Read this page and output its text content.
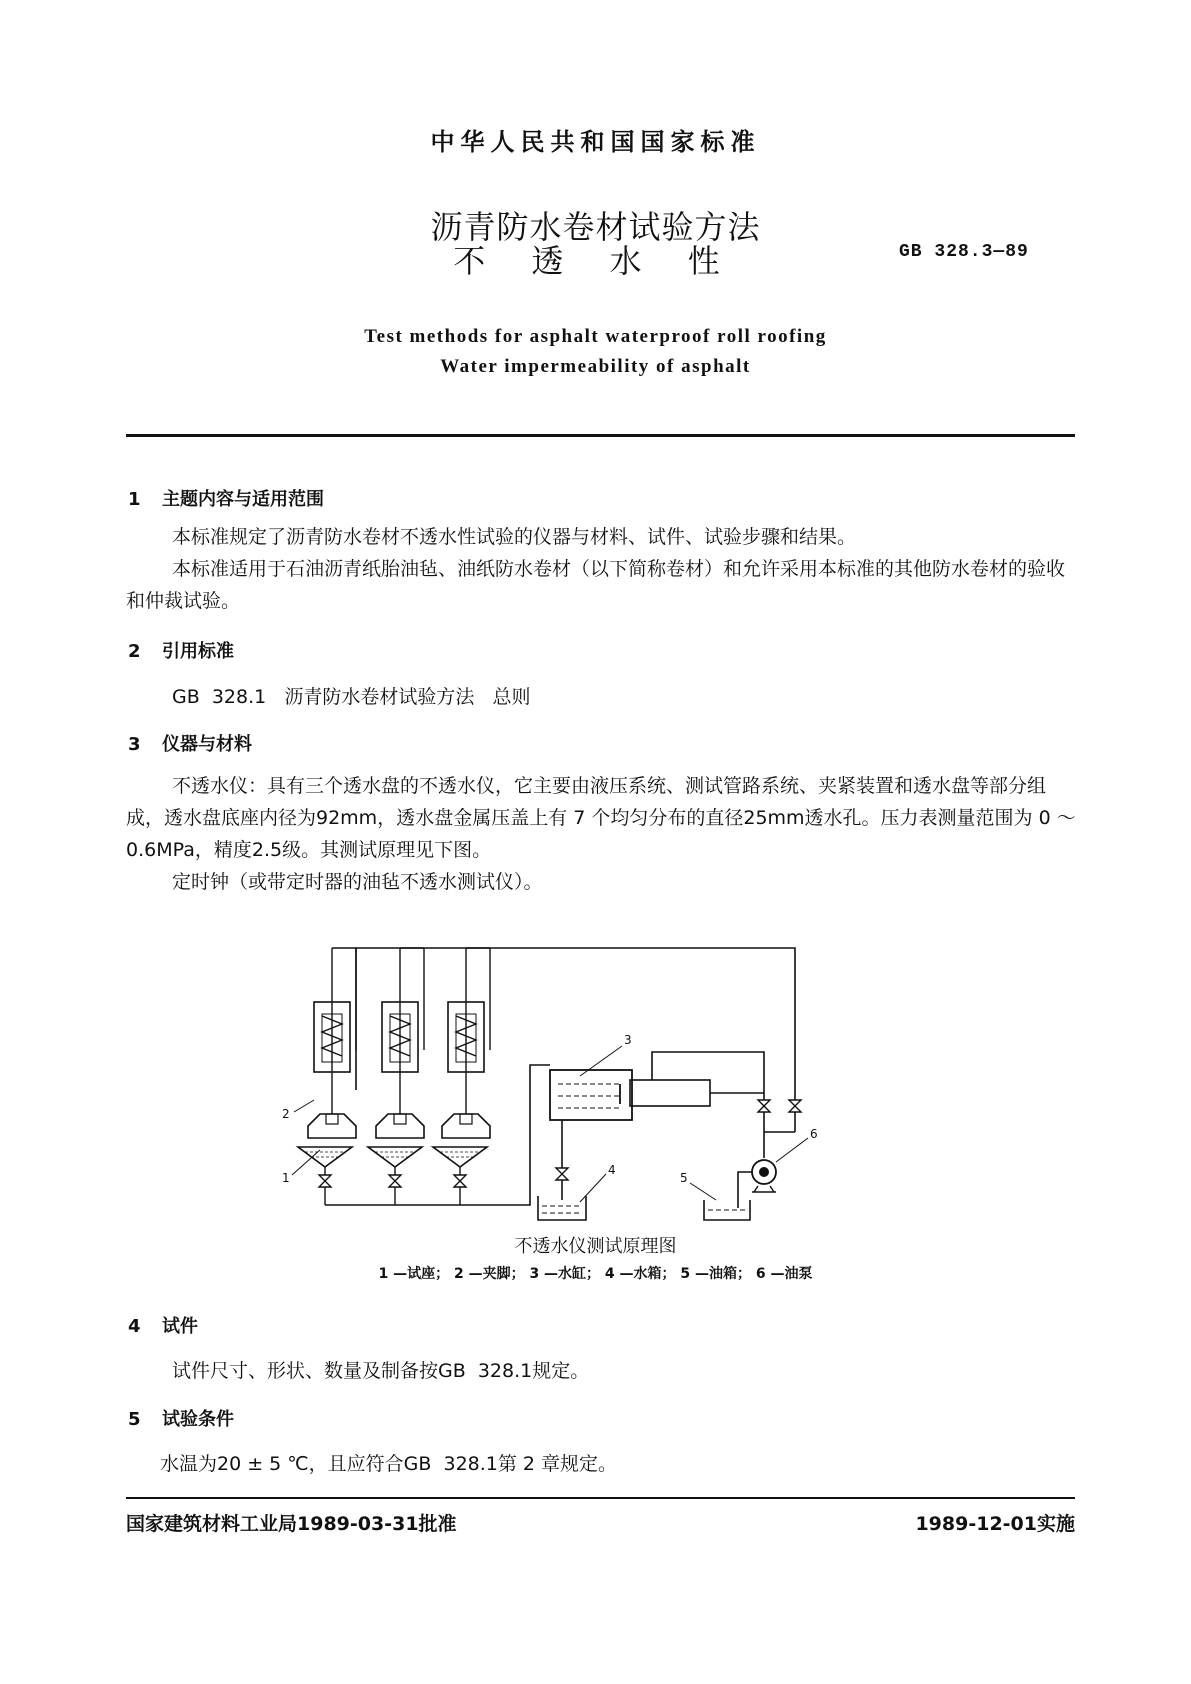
中华人民共和国国家标准
沥青防水卷材试验方法
不 透 水 性	GB 328.3—89
Test methods for asphalt waterproof roll roofing
Water impermeability of asphalt
1 主题内容与适用范围

本标准规定了沥青防水卷材不透水性试验的仪器与材料、试件、试验步骤和结果。

本标准适用于石油沥青纸胎油毡、油纸防水卷材（以下简称卷材）和允许采用本标准的其他防水卷材的验收和仲裁试验。

2 引用标准
GB  328.1   沥青防水卷材试验方法   总则
3 仪器与材料

不透水仪：具有三个透水盘的不透水仪，它主要由液压系统、测试管路系统、夹紧装置和透水盘等部分组成，透水盘底座内径为92mm，透水盘金属压盖上有 7 个均匀分布的直径25mm透水孔。压力表测量范围为 0 ～0.6MPa，精度2.5级。其测试原理见下图。

定时钟（或带定时器的油毡不透水测试仪）。

1
2
3
4
5
6
不透水仪测试原理图
1 —试座； 2 —夹脚； 3 —水缸； 4 —水箱； 5 —油箱； 6 —油泵
4 试件
试件尺寸、形状、数量及制备按GB  328.1规定。
5 试验条件
水温为20 ± 5 ℃，且应符合GB  328.1第 2 章规定。
国家建筑材料工业局1989-03-31批准	1989-12-01实施
